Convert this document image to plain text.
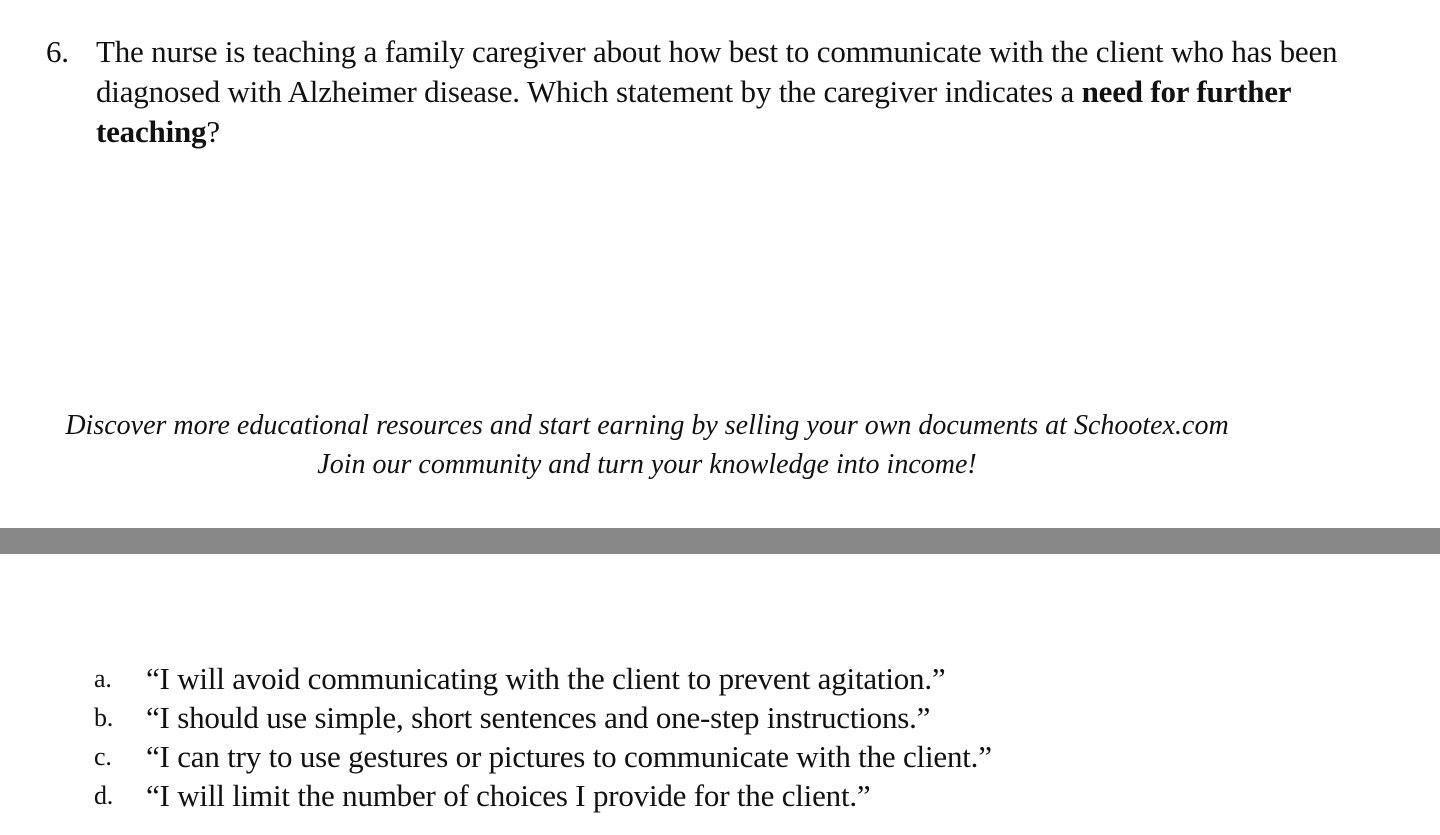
6. The nurse is teaching a family caregiver about how best to communicate with the client who has been diagnosed with Alzheimer disease. Which statement by the caregiver indicates a need for further teaching?
Discover more educational resources and start earning by selling your own documents at Schootex.com
Join our community and turn your knowledge into income!
a. “I will avoid communicating with the client to prevent agitation.”
b. “I should use simple, short sentences and one-step instructions.”
c. “I can try to use gestures or pictures to communicate with the client.”
d. “I will limit the number of choices I provide for the client.”
